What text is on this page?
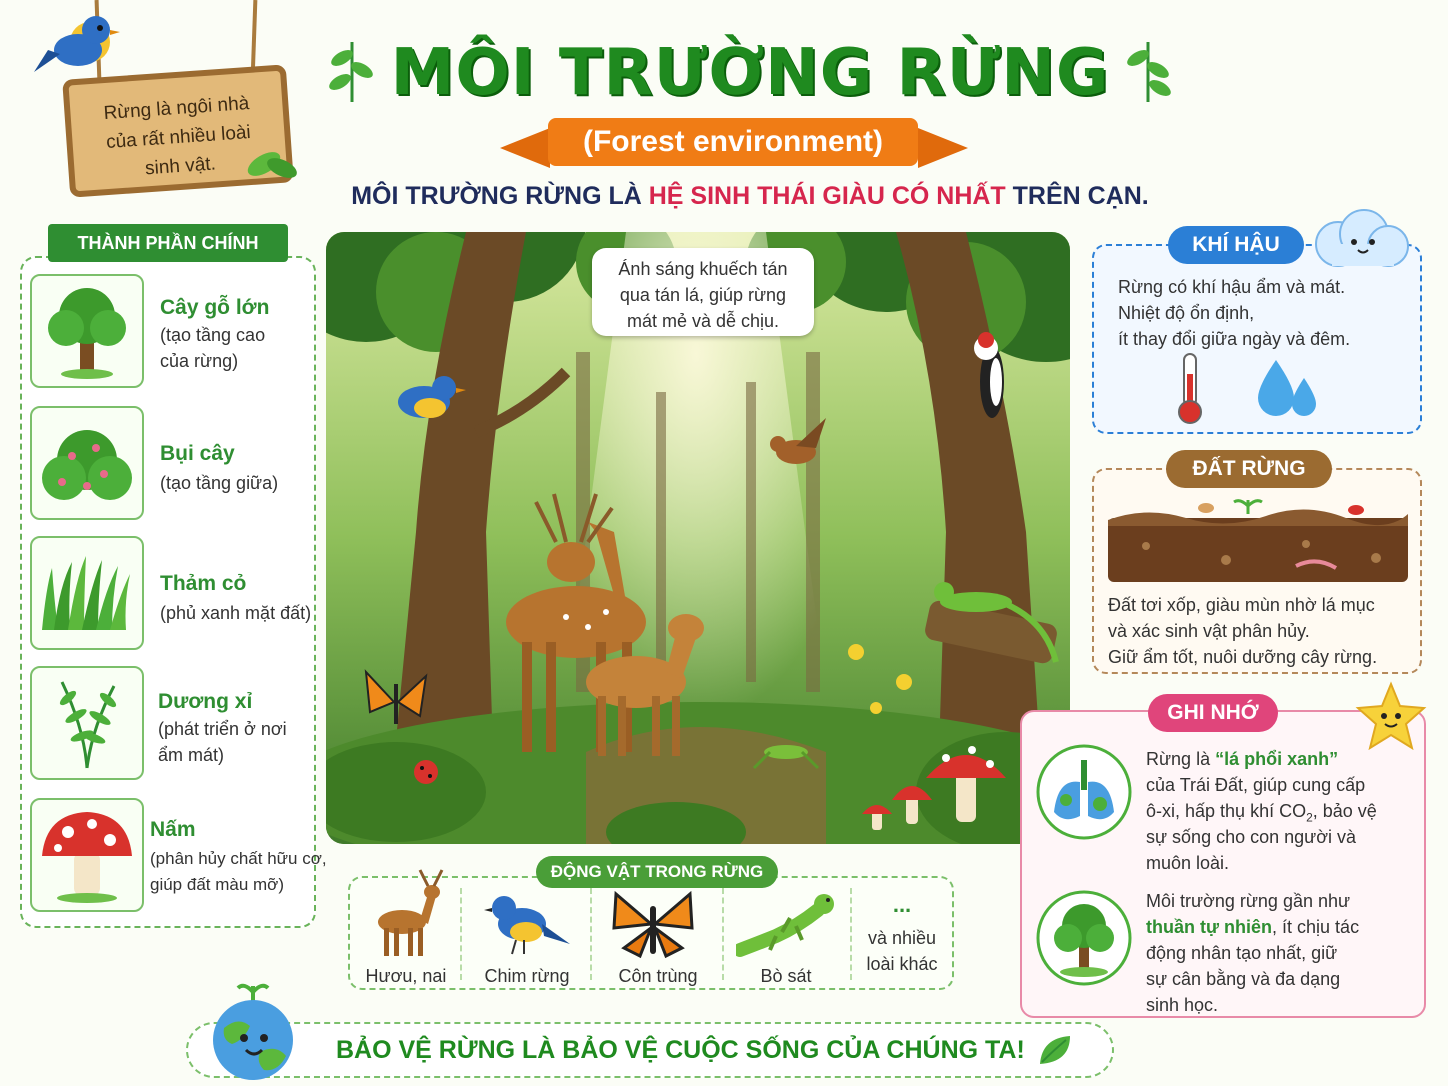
MÔI TRƯỜNG RỪNG
(Forest environment)
MÔI TRƯỜNG RỪNG LÀ HỆ SINH THÁI GIÀU CÓ NHẤT TRÊN CẠN.
Rừng là ngôi nhà
của rất nhiều loài
sinh vật.
THÀNH PHẦN CHÍNH
Cây gỗ lớn
(tạo tầng cao
của rừng)
Bụi cây
(tạo tầng giữa)
Thảm cỏ
(phủ xanh mặt đất)
Dương xỉ
(phát triển ở nơi
ẩm mát)
Nấm
(phân hủy chất hữu cơ,
giúp đất màu mỡ)
Ánh sáng khuếch tán
qua tán lá, giúp rừng
mát mẻ và dễ chịu.
KHÍ HẬU
Rừng có khí hậu ẩm và mát.
Nhiệt độ ổn định,
ít thay đổi giữa ngày và đêm.
ĐẤT RỪNG
Đất tơi xốp, giàu mùn nhờ lá mục
và xác sinh vật phân hủy.
Giữ ẩm tốt, nuôi dưỡng cây rừng.
GHI NHỚ
Rừng là “lá phổi xanh”
của Trái Đất, giúp cung cấp
ô-xi, hấp thụ khí $CO_2$, bảo vệ
sự sống cho con người và
muôn loài.
Môi trường rừng gần như
thuần tự nhiên, ít chịu tác
động nhân tạo nhất, giữ
sự cân bằng và đa dạng
sinh học.
ĐỘNG VẬT TRONG RỪNG
Hươu, nai	Chim rừng	Côn trùng	Bò sát
...
và nhiều
loài khác
BẢO VỆ RỪNG LÀ BẢO VỆ CUỘC SỐNG CỦA CHÚNG TA!
